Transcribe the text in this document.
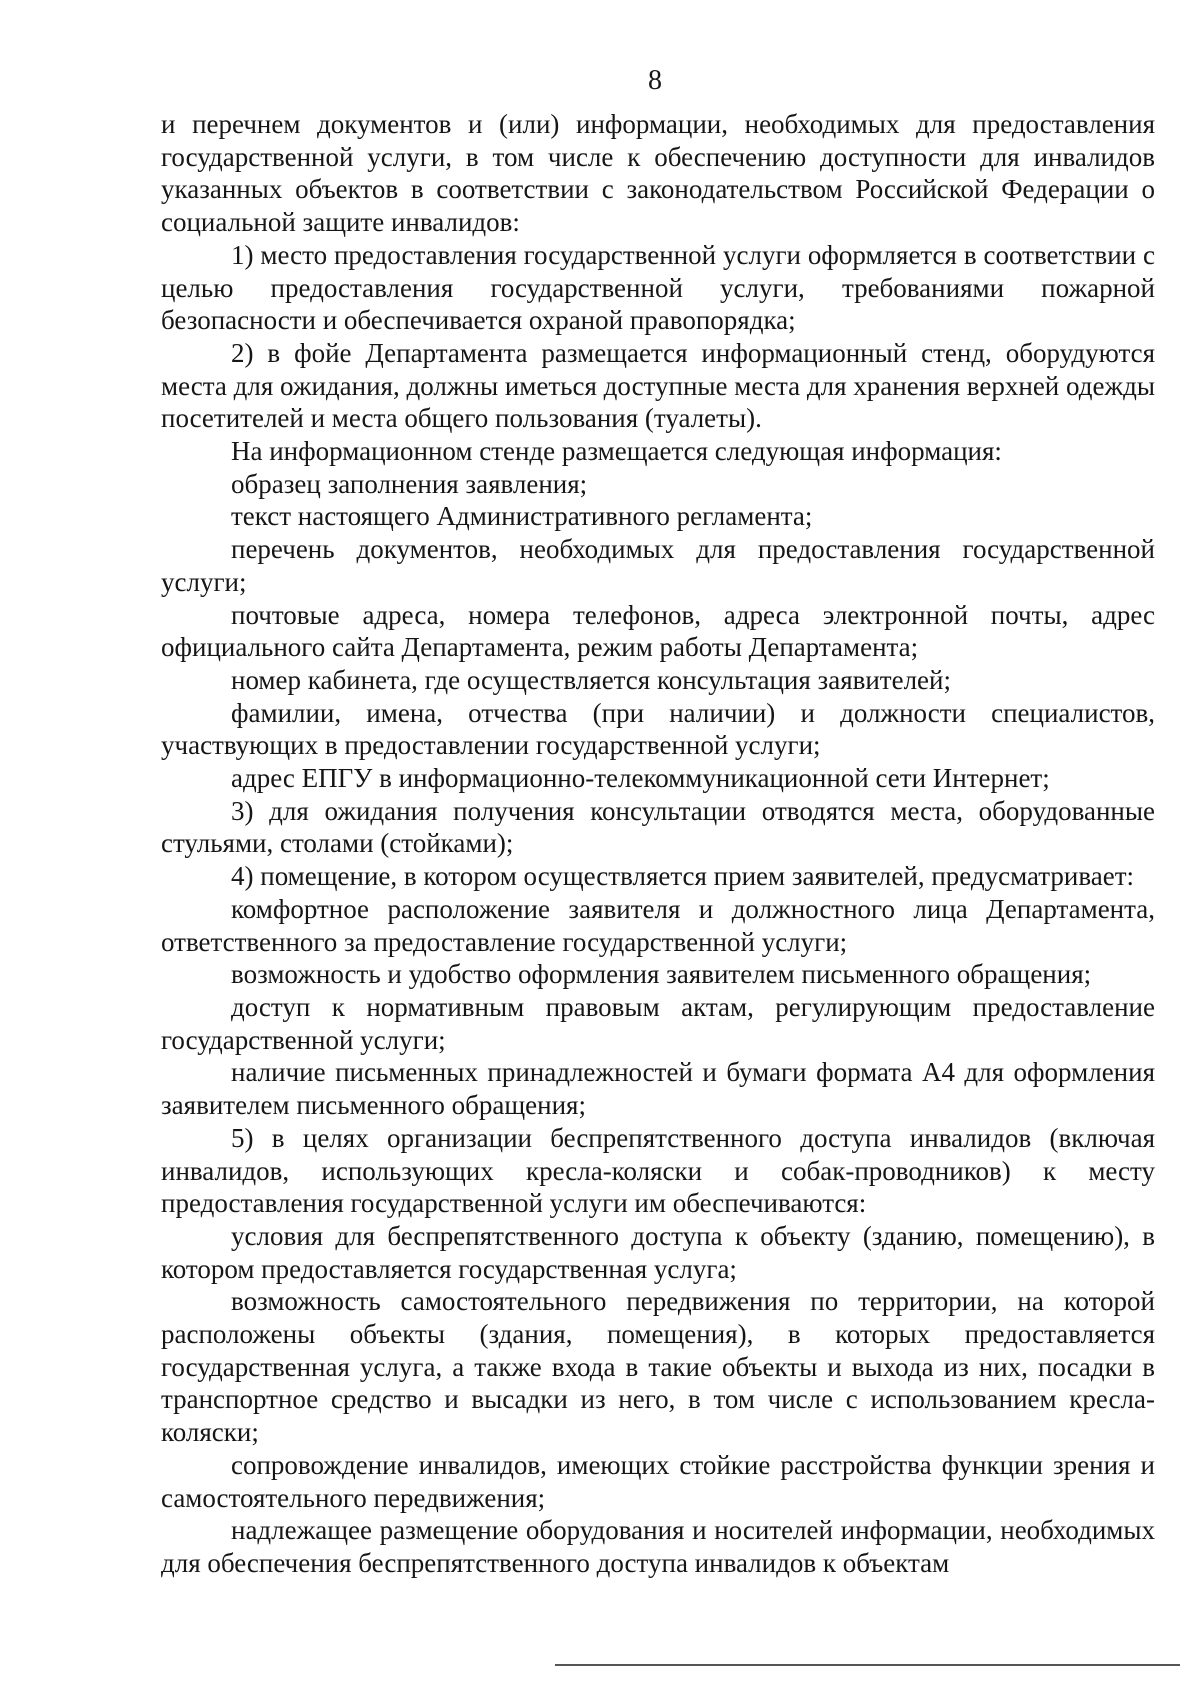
8

и перечнем документов и (или) информации, необходимых для предоставления государственной услуги, в том числе к обеспечению доступности для инвалидов указанных объектов в соответствии с законодательством Российской Федерации о социальной защите инвалидов:

1) место предоставления государственной услуги оформляется в соответствии с целью предоставления государственной услуги, требованиями пожарной безопасности и обеспечивается охраной правопорядка;

2) в фойе Департамента размещается информационный стенд, оборудуются места для ожидания, должны иметься доступные места для хранения верхней одежды посетителей и места общего пользования (туалеты).

На информационном стенде размещается следующая информация:

образец заполнения заявления;

текст настоящего Административного регламента;

перечень документов, необходимых для предоставления государственной услуги;

почтовые адреса, номера телефонов, адреса электронной почты, адрес официального сайта Департамента, режим работы Департамента;

номер кабинета, где осуществляется консультация заявителей;

фамилии, имена, отчества (при наличии) и должности специалистов, участвующих в предоставлении государственной услуги;

адрес ЕПГУ в информационно-телекоммуникационной сети Интернет;

3) для ожидания получения консультации отводятся места, оборудованные стульями, столами (стойками);

4) помещение, в котором осуществляется прием заявителей, предусматривает:

комфортное расположение заявителя и должностного лица Департамента, ответственного за предоставление государственной услуги;

возможность и удобство оформления заявителем письменного обращения;

доступ к нормативным правовым актам, регулирующим предоставление государственной услуги;

наличие письменных принадлежностей и бумаги формата А4 для оформления заявителем письменного обращения;

5) в целях организации беспрепятственного доступа инвалидов (включая инвалидов, использующих кресла-коляски и собак-проводников) к месту предоставления государственной услуги им обеспечиваются:

условия для беспрепятственного доступа к объекту (зданию, помещению), в котором предоставляется государственная услуга;

возможность самостоятельного передвижения по территории, на которой расположены объекты (здания, помещения), в которых предоставляется государственная услуга, а также входа в такие объекты и выхода из них, посадки в транспортное средство и высадки из него, в том числе с использованием кресла-коляски;

сопровождение инвалидов, имеющих стойкие расстройства функции зрения и самостоятельного передвижения;

надлежащее размещение оборудования и носителей информации, необходимых для обеспечения беспрепятственного доступа инвалидов к объектам
